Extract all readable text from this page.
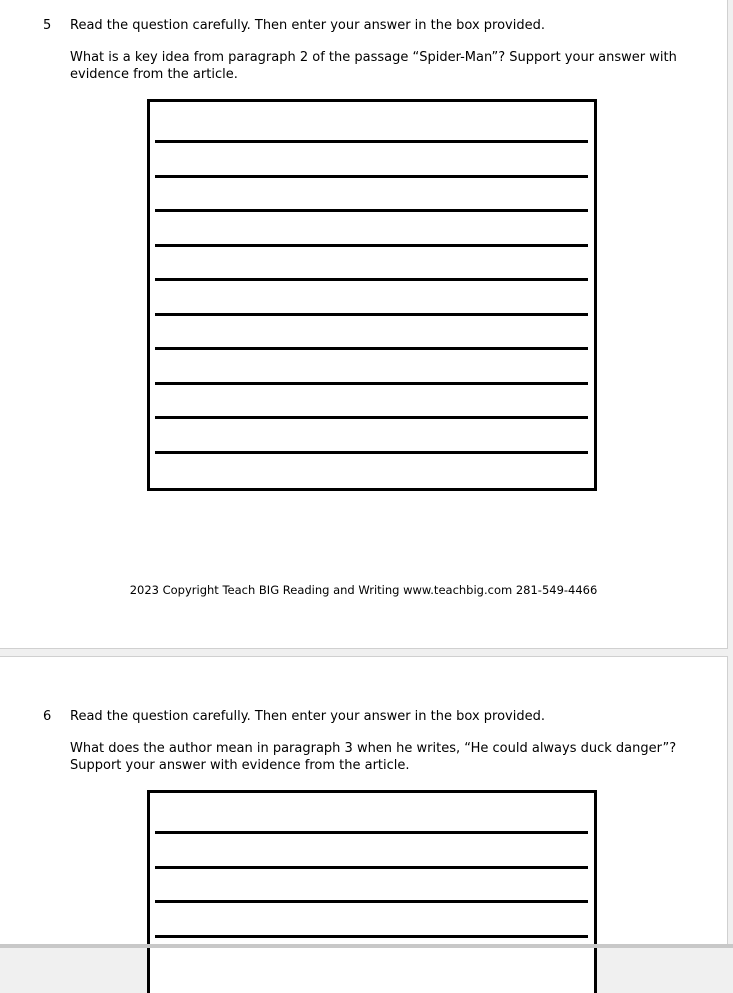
5 Read the question carefully. Then enter your answer in the box provided.
What is a key idea from paragraph 2 of the passage “Spider-Man”? Support your answer with evidence from the article.
2023 Copyright Teach BIG Reading and Writing www.teachbig.com 281-549-4466
6 Read the question carefully. Then enter your answer in the box provided.
What does the author mean in paragraph 3 when he writes, “He could always duck danger”? Support your answer with evidence from the article.
